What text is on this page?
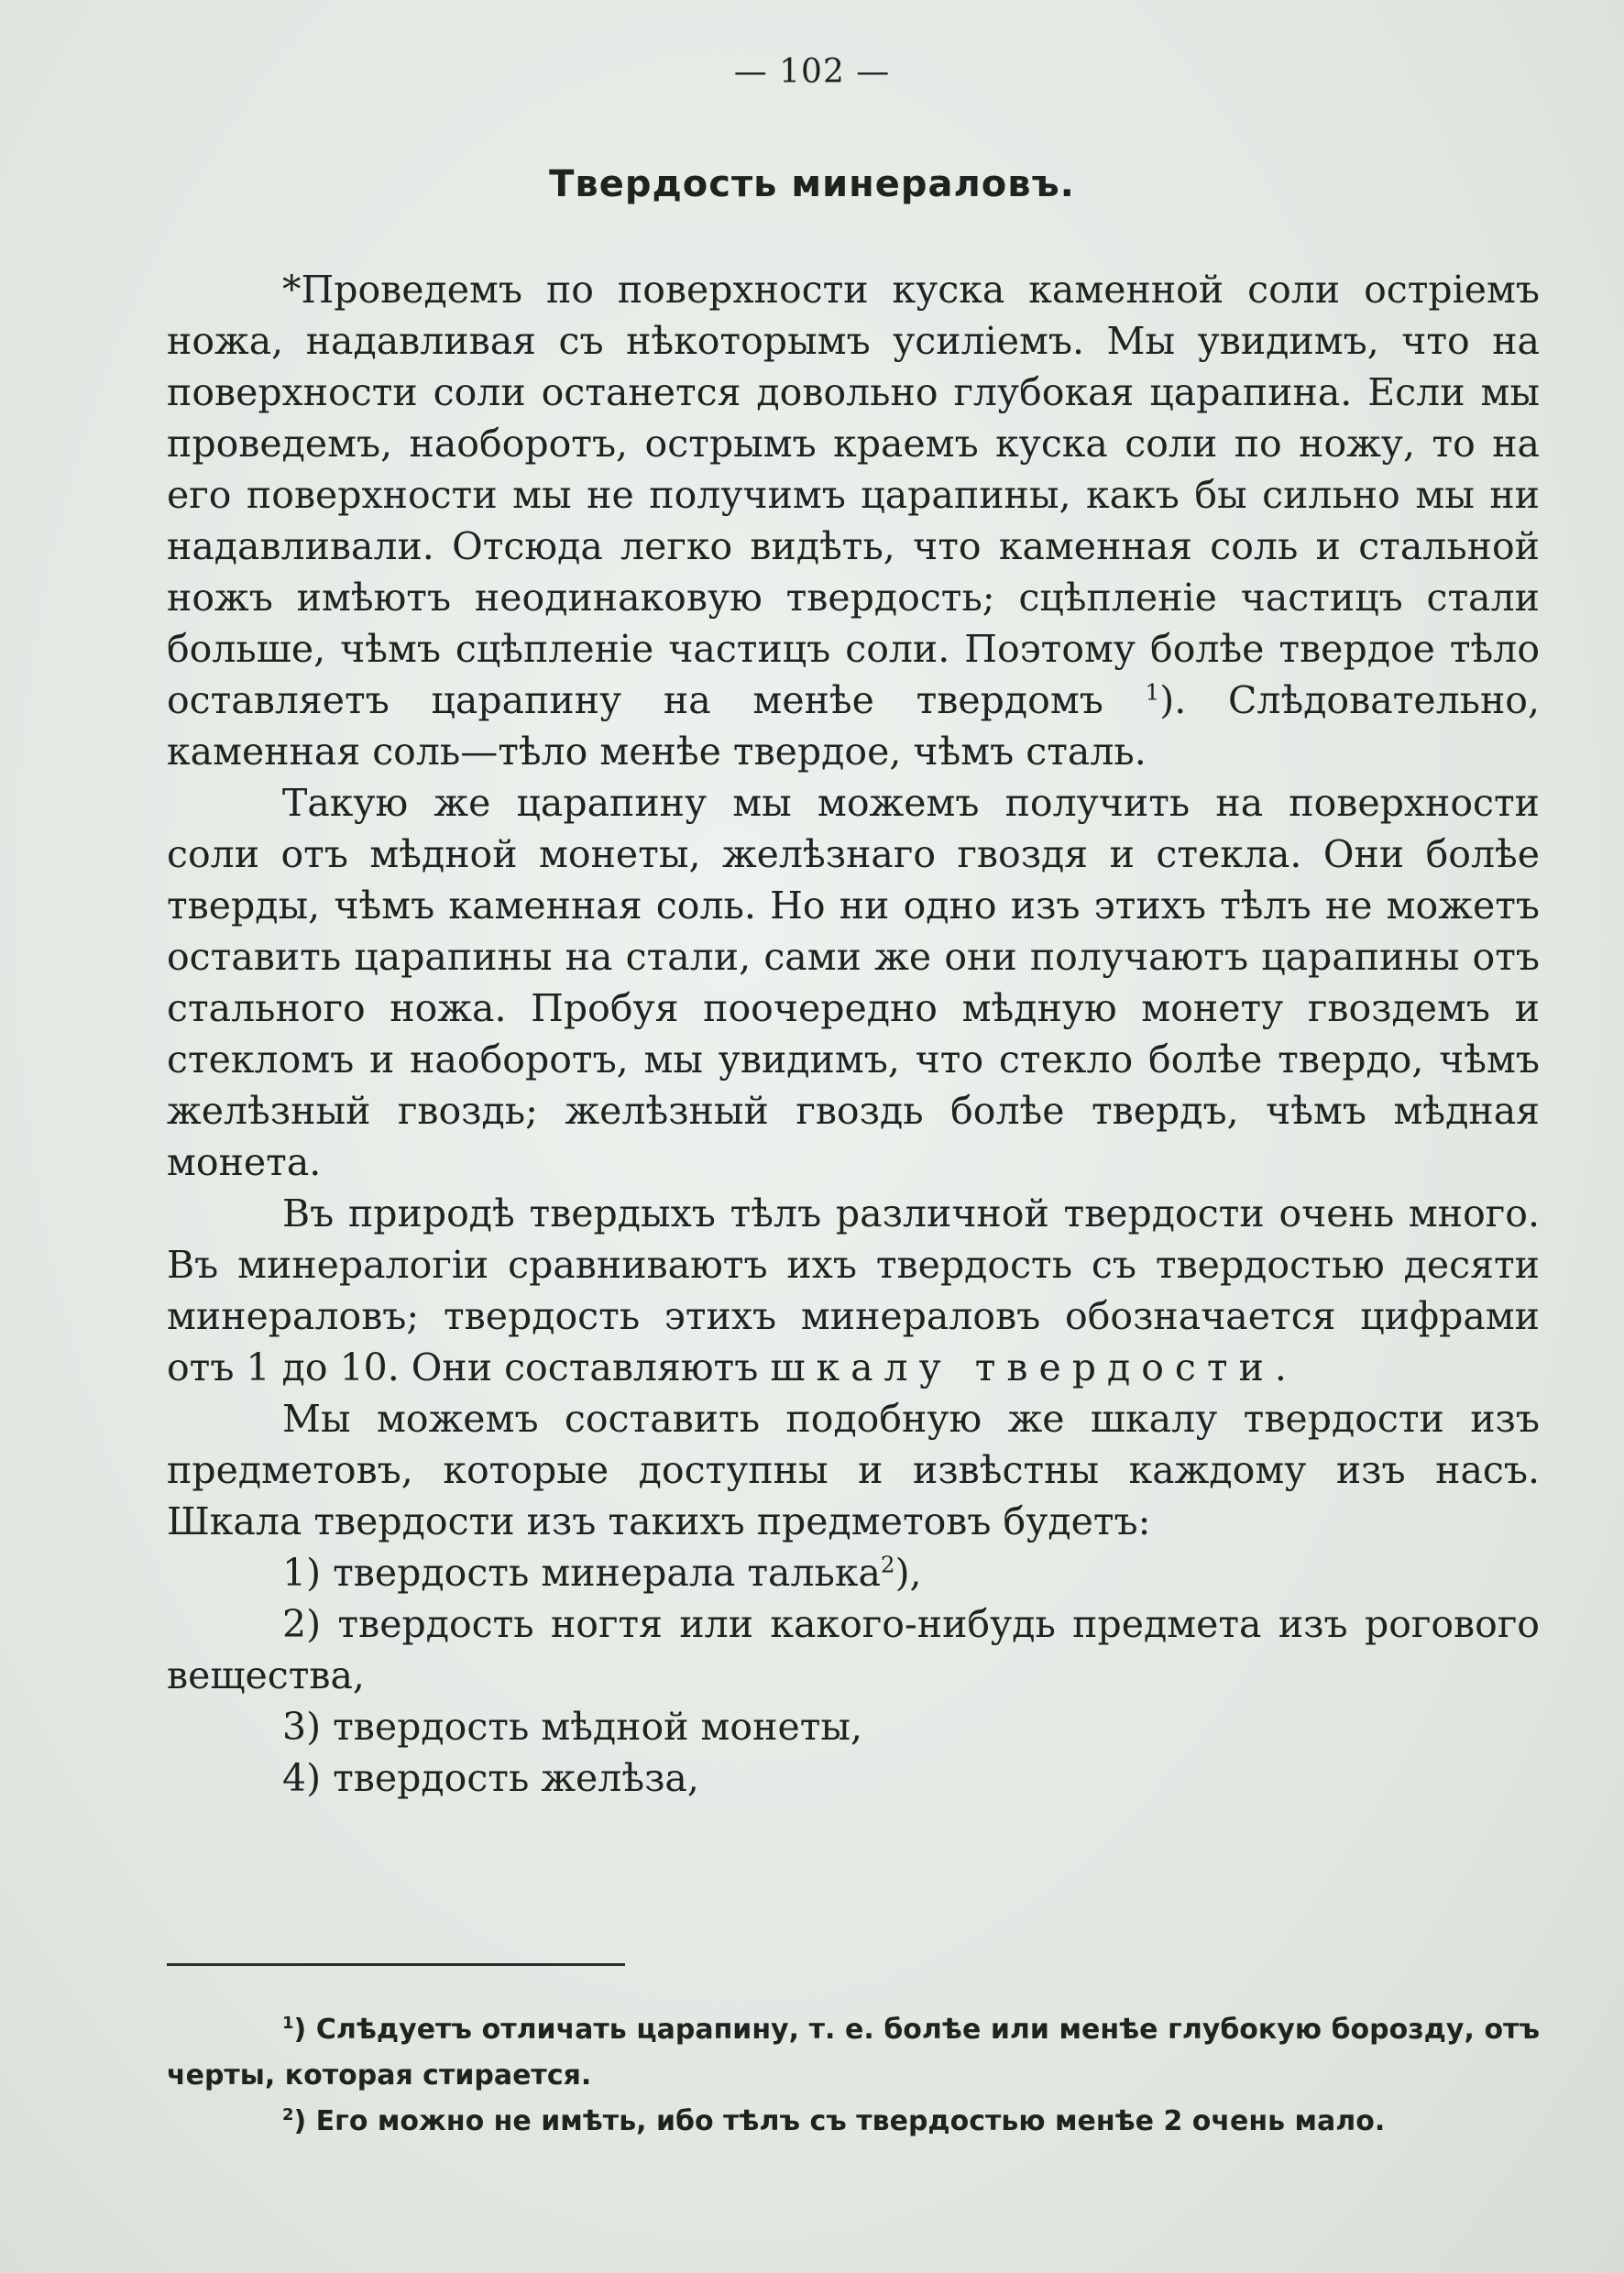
— 102 —
Твердость минераловъ.

*Проведемъ по поверхности куска каменной соли остріемъ ножа, надавливая съ нѣкоторымъ усиліемъ. Мы увидимъ, что на поверхности соли останется довольно глубокая царапина. Если мы проведемъ, наоборотъ, острымъ краемъ куска соли по ножу, то на его поверхности мы не получимъ царапины, какъ бы сильно мы ни надавливали. Отсюда легко видѣть, что каменная соль и стальной ножъ имѣютъ неодинаковую твердость; сцѣпленіе частицъ стали больше, чѣмъ сцѣпленіе частицъ соли. Поэтому болѣе твердое тѣло оставляетъ царапину на менѣе твердомъ $^1$). Слѣдовательно, каменная соль—тѣло менѣе твердое, чѣмъ сталь.

Такую же царапину мы можемъ получить на поверхности соли отъ мѣдной монеты, желѣзнаго гвоздя и стекла. Они болѣе тверды, чѣмъ каменная соль. Но ни одно изъ этихъ тѣлъ не можетъ оставить царапины на стали, сами же они получаютъ царапины отъ стального ножа. Пробуя поочередно мѣдную монету гвоздемъ и стекломъ и наоборотъ, мы увидимъ, что стекло болѣе твердо, чѣмъ желѣзный гвоздь; желѣзный гвоздь болѣе твердъ, чѣмъ мѣдная монета.

Въ природѣ твердыхъ тѣлъ различной твердости очень много. Въ минералогіи сравниваютъ ихъ твердость съ твердостью десяти минераловъ; твердость этихъ минераловъ обозначается цифрами отъ 1 до 10. Они составляютъ шкалу твердости.

Мы можемъ составить подобную же шкалу твердости изъ предметовъ, которые доступны и извѣстны каждому изъ насъ. Шкала твердости изъ такихъ предметовъ будетъ:

1) твердость минерала талька$^2$),
2) твердость ногтя или какого-нибудь предмета изъ рогового вещества,
3) твердость мѣдной монеты,
4) твердость желѣза,

$^1$) Слѣдуетъ отличать царапину, т. е. болѣе или менѣе глубокую борозду, отъ черты, которая стирается.

$^2$) Его можно не имѣть, ибо тѣлъ съ твердостью менѣе 2 очень мало.
